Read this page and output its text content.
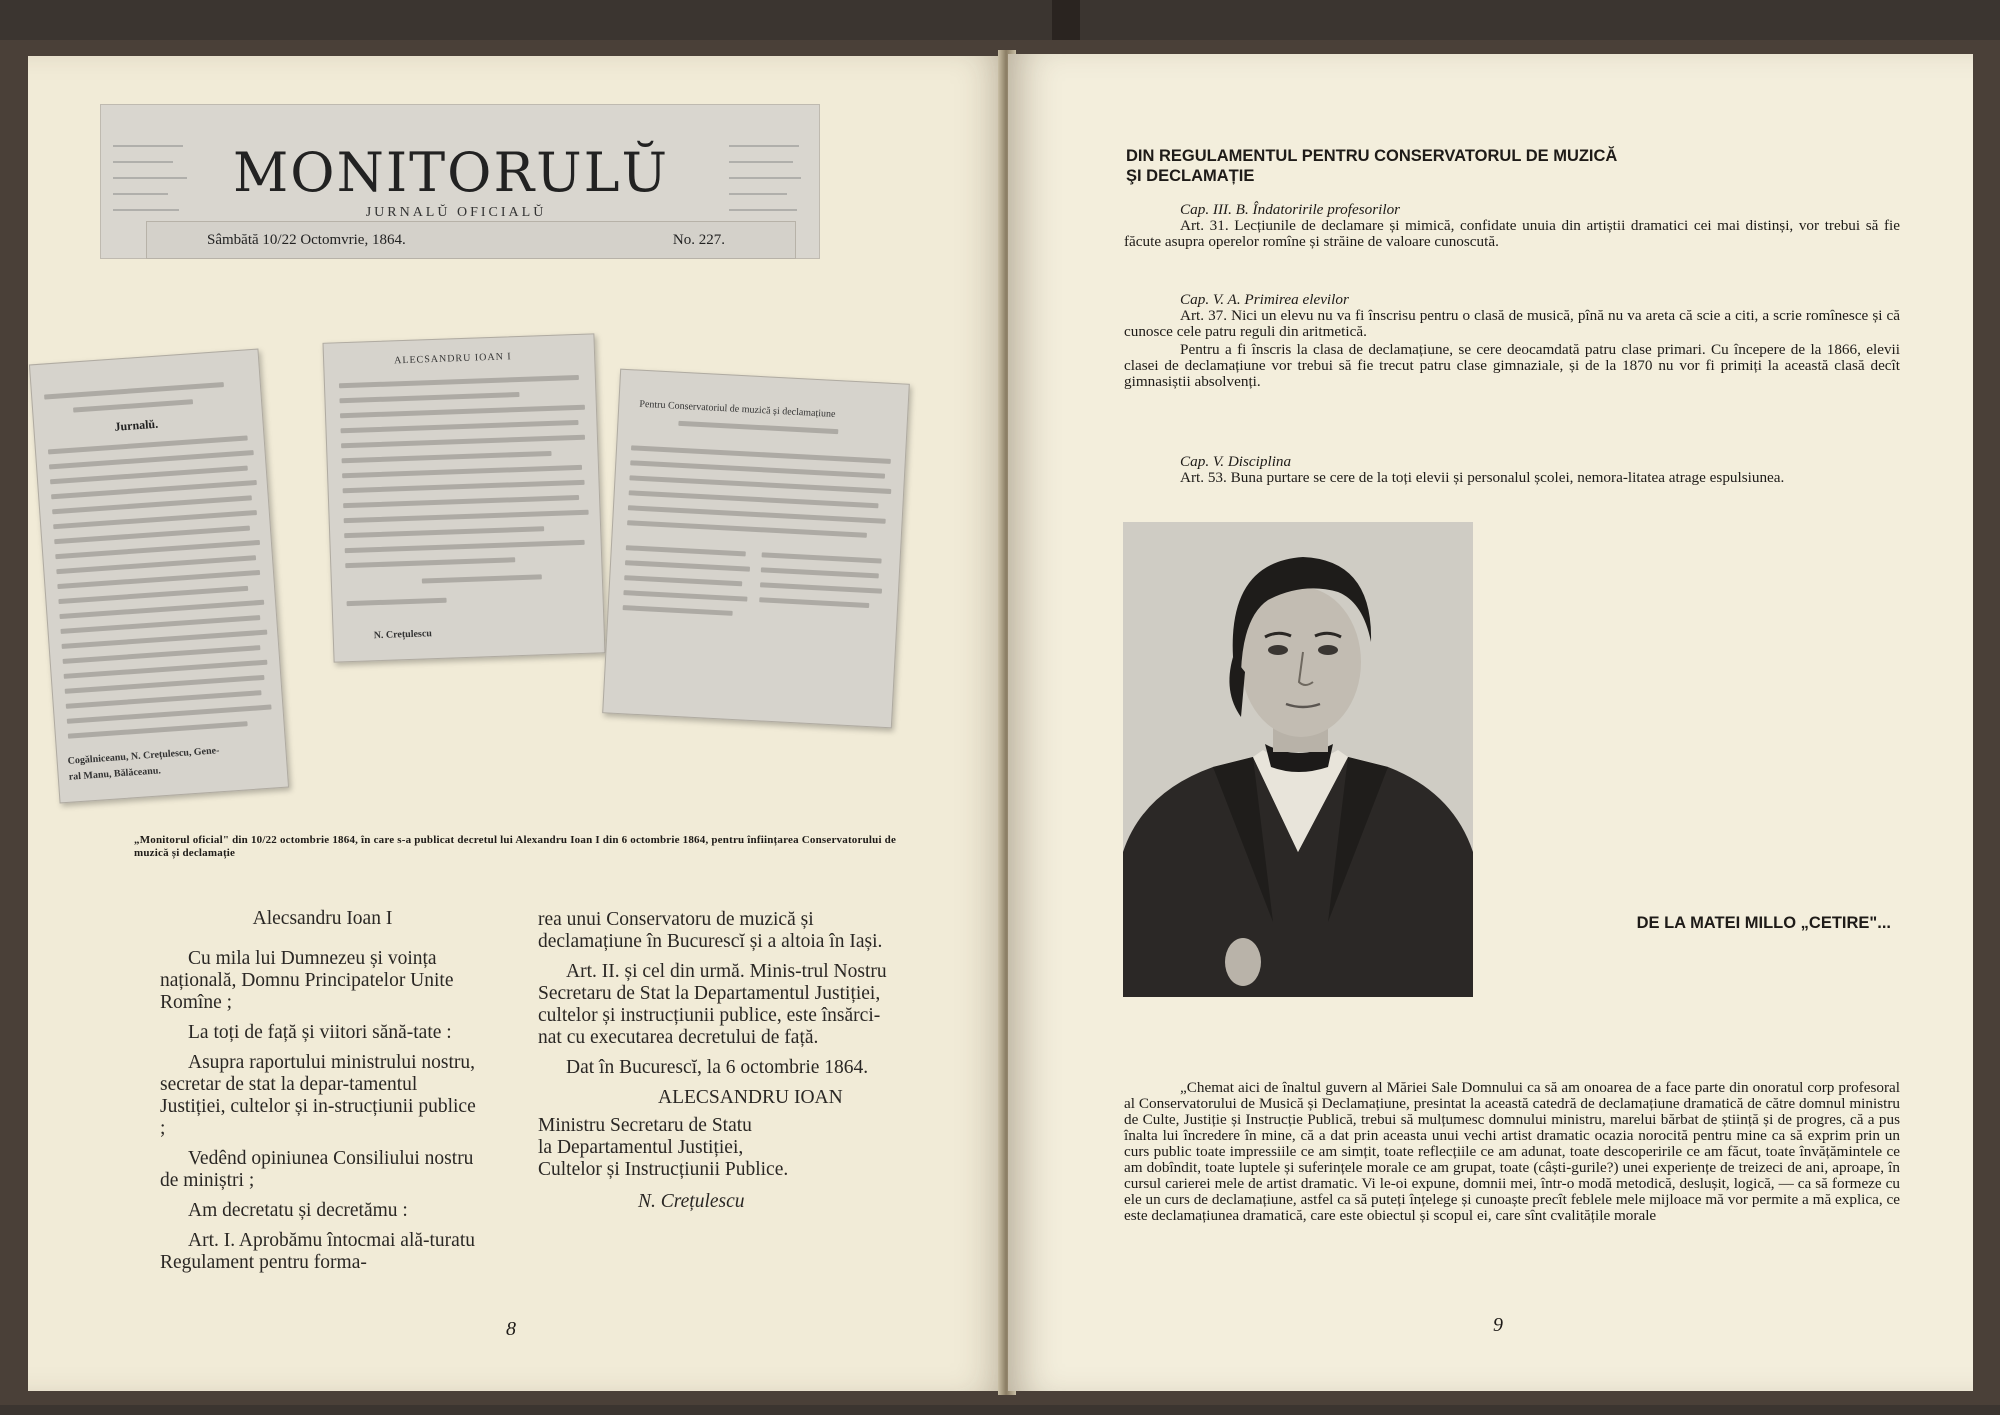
MONITORULŬ
JURNALŬ OFICIALŬ
Sâmbătă 10/22 Octomvrie, 1864.	No. 227.
Jurnalŭ.
Cogălniceanu, N. Crețulescu, Gene-
ral Manu, Bălăceanu.
ALECSANDRU IOAN I
N. Crețulescu
Pentru Conservatoriul de muzică și declamațiune
„Monitorul oficial" din 10/22 octombrie 1864, în care s-a publicat decretul lui Alexandru Ioan I din 6 octombrie 1864, pentru înființarea Conservatorului de muzică și declamație

Alecsandru Ioan I

Cu mila lui Dumnezeu și voința națională, Domnu Principatelor Unite Romîne ;

La toți de față și viitori sănă-tate :

Asupra raportului ministrului nostru, secretar de stat la depar-tamentul Justiției, cultelor și in-strucțiunii publice ;

Vedênd opiniunea Consiliului nostru de miniștri ;

Am decretatu și decretămu :

Art. I. Aprobămu întocmai ală-turatu Regulament pentru forma-

rea unui Conservatoru de muzică și declamațiune în Bucurescĭ și a altoia în Iași.

Art. II. și cel din urmă. Minis-trul Nostru Secretaru de Stat la Departamentul Justiției, cultelor și instrucțiunii publice, este însărci-nat cu executarea decretului de față.

Dat în Bucurescĭ, la 6 octombrie 1864.

ALECSANDRU IOAN

Ministru Secretaru de Statu

la Departamentul Justiției,

Cultelor și Instrucțiunii Publice.

N. Crețulescu

8
DIN REGULAMENTUL PENTRU CONSERVATORUL DE MUZICĂ
ŞI DECLAMAȚIE
Cap. III. B. Îndatoririle profesorilor
Art. 31. Lecțiunile de declamare și mimică, confidate unuia din artiștii dramatici cei mai distinși, vor trebui să fie făcute asupra operelor romîne și străine de valoare cunoscută.
Cap. V. A. Primirea elevilor
Art. 37. Nici un elevu nu va fi înscrisu pentru o clasă de musică, pînă nu va areta că scie a citi, a scrie romînesce și că cunosce cele patru reguli din aritmetică.
Pentru a fi înscris la clasa de declamațiune, se cere deocamdată patru clase primari. Cu începere de la 1866, elevii clasei de declamațiune vor trebui să fie trecut patru clase gimnaziale, și de la 1870 nu vor fi primiți la această clasă decît gimnasiștii absolvenți.
Cap. V. Disciplina
Art. 53. Buna purtare se cere de la toți elevii și personalul școlei, nemora-litatea atrage espulsiunea.
DE LA MATEI MILLO „CETIRE"...

„Chemat aici de înaltul guvern al Măriei Sale Domnului ca să am onoarea de a face parte din onoratul corp profesoral al Conservatorului de Musică și Declamațiune, presintat la această catedră de declamațiune dramatică de către domnul ministru de Culte, Justiție și Instrucție Publică, trebui să mulțumesc domnului ministru, marelui bărbat de știință și de progres, că a pus înalta lui încredere în mine, că a dat prin aceasta unui vechi artist dramatic ocazia norocită pentru mine ca să exprim prin un curs public toate impressiile ce am simțit, toate reflecțiile ce am adunat, toate descoperirile ce am făcut, toate învățămintele ce am dobîndit, toate luptele și suferințele morale ce am grupat, toate (câști-gurile?) unei experiențe de treizeci de ani, aproape, în cursul carierei mele de artist dramatic. Vi le-oi expune, domnii mei, într-o modă metodică, deslușit, logică, — ca să formeze cu ele un curs de declamațiune, astfel ca să puteți înțelege și cunoaște precît feblele mele mijloace mă vor permite a mă explica, ce este declamațiunea dramatică, care este obiectul și scopul ei, care sînt cvalitățile morale

9
